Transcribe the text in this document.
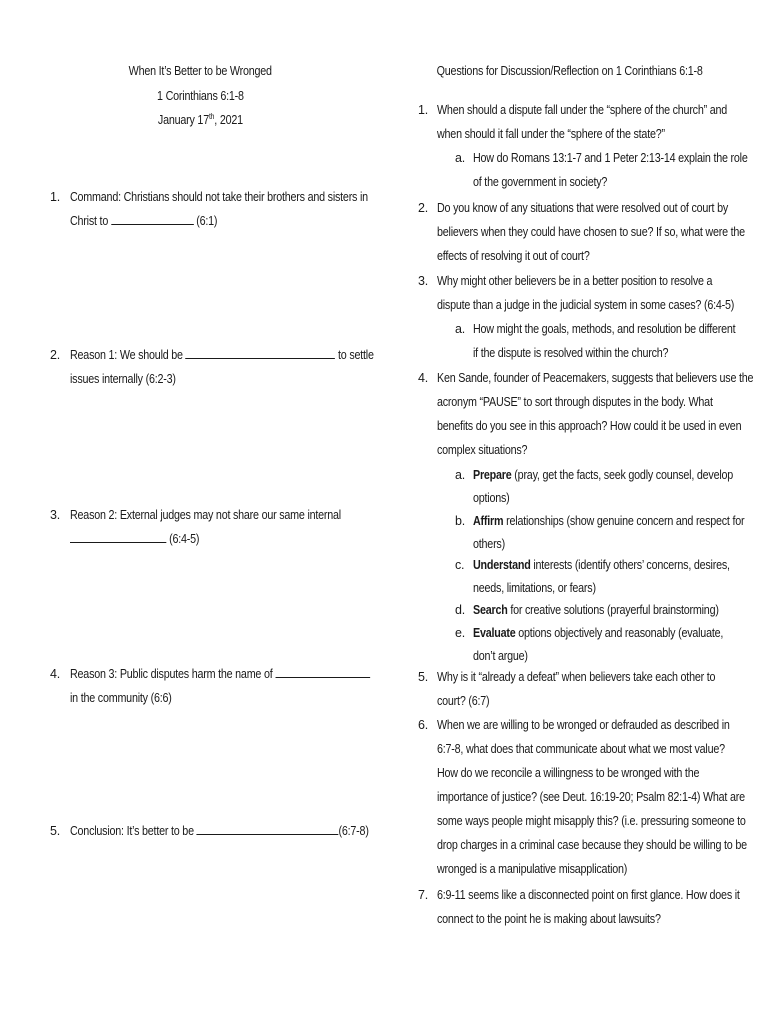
When It’s Better to be Wronged
1 Corinthians 6:1-8
January 17th, 2021
1. Command: Christians should not take their brothers and sisters in
Christ to	(6:1)
2. Reason 1: We should be	to settle
issues internally (6:2-3)
3. Reason 2: External judges may not share our same internal
(6:4-5)
4. Reason 3: Public disputes harm the name of
in the community (6:6)
5. Conclusion: It’s better to be	(6:7-8)
Questions for Discussion/Reflection on 1 Corinthians 6:1-8
1. When should a dispute fall under the “sphere of the church” and
when should it fall under the “sphere of the state?”
a. How do Romans 13:1-7 and 1 Peter 2:13-14 explain the role
of the government in society?
2. Do you know of any situations that were resolved out of court by
believers when they could have chosen to sue? If so, what were the
effects of resolving it out of court?
3. Why might other believers be in a better position to resolve a
dispute than a judge in the judicial system in some cases? (6:4-5)
a. How might the goals, methods, and resolution be different
if the dispute is resolved within the church?
4. Ken Sande, founder of Peacemakers, suggests that believers use the
acronym “PAUSE” to sort through disputes in the body. What
benefits do you see in this approach? How could it be used in even
complex situations?
a. Prepare (pray, get the facts, seek godly counsel, develop
options)
b. Affirm relationships (show genuine concern and respect for
others)
c. Understand interests (identify others’ concerns, desires,
needs, limitations, or fears)
d. Search for creative solutions (prayerful brainstorming)
e. Evaluate options objectively and reasonably (evaluate,
don’t argue)
5. Why is it “already a defeat” when believers take each other to
court? (6:7)
6. When we are willing to be wronged or defrauded as described in
6:7-8, what does that communicate about what we most value?
How do we reconcile a willingness to be wronged with the
importance of justice? (see Deut. 16:19-20; Psalm 82:1-4) What are
some ways people might misapply this? (i.e. pressuring someone to
drop charges in a criminal case because they should be willing to be
wronged is a manipulative misapplication)
7. 6:9-11 seems like a disconnected point on first glance. How does it
connect to the point he is making about lawsuits?
